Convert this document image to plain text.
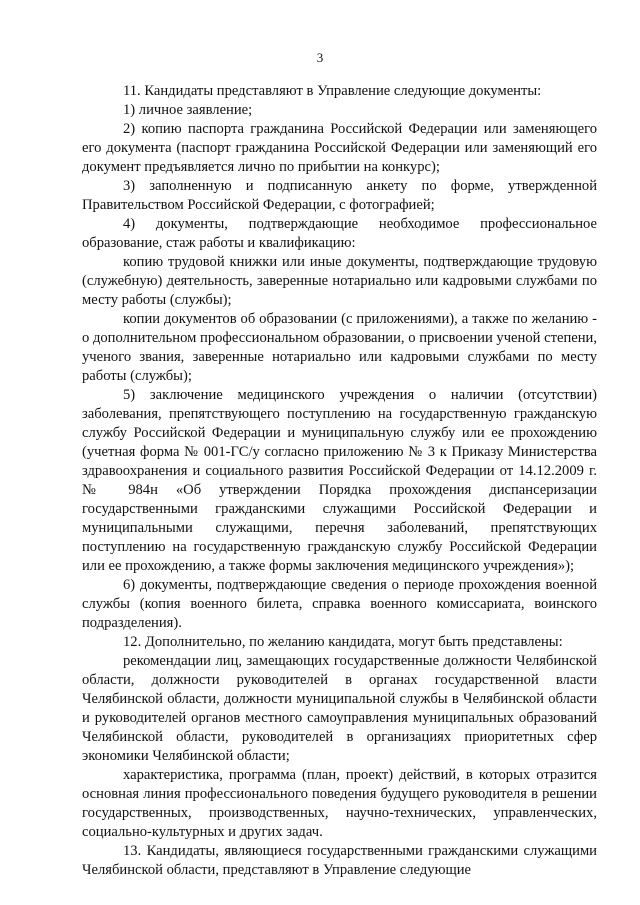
3

11. Кандидаты представляют в Управление следующие документы:

1) личное заявление;

2) копию паспорта гражданина Российской Федерации или заменяющего его документа (паспорт гражданина Российской Федерации или заменяющий его документ предъявляется лично по прибытии на конкурс);

3) заполненную и подписанную анкету по форме, утвержденной Правительством Российской Федерации, с фотографией;

4) документы, подтверждающие необходимое профессиональное образование, стаж работы и квалификацию:

копию трудовой книжки или иные документы, подтверждающие трудовую (служебную) деятельность, заверенные нотариально или кадровыми службами по месту работы (службы);

копии документов об образовании (с приложениями), а также по желанию - о дополнительном профессиональном образовании, о присвоении ученой степени, ученого звания, заверенные нотариально или кадровыми службами по месту работы (службы);

5) заключение медицинского учреждения о наличии (отсутствии) заболевания, препятствующего поступлению на государственную гражданскую службу Российской Федерации и муниципальную службу или ее прохождению (учетная форма № 001-ГС/у согласно приложению № 3 к Приказу Министерства здравоохранения и социального развития Российской Федерации от 14.12.2009 г. № 984н «Об утверждении Порядка прохождения диспансеризации государственными гражданскими служащими Российской Федерации и муниципальными служащими, перечня заболеваний, препятствующих поступлению на государственную гражданскую службу Российской Федерации или ее прохождению, а также формы заключения медицинского учреждения»);

6) документы, подтверждающие сведения о периоде прохождения военной службы (копия военного билета, справка военного комиссариата, воинского подразделения).

12. Дополнительно, по желанию кандидата, могут быть представлены:

рекомендации лиц, замещающих государственные должности Челябинской области, должности руководителей в органах государственной власти Челябинской области, должности муниципальной службы в Челябинской области и руководителей органов местного самоуправления муниципальных образований Челябинской области, руководителей в организациях приоритетных сфер экономики Челябинской области;

характеристика, программа (план, проект) действий, в которых отразится основная линия профессионального поведения будущего руководителя в решении государственных, производственных, научно-технических, управленческих, социально-культурных и других задач.

13. Кандидаты, являющиеся государственными гражданскими служащими Челябинской области, представляют в Управление следующие
